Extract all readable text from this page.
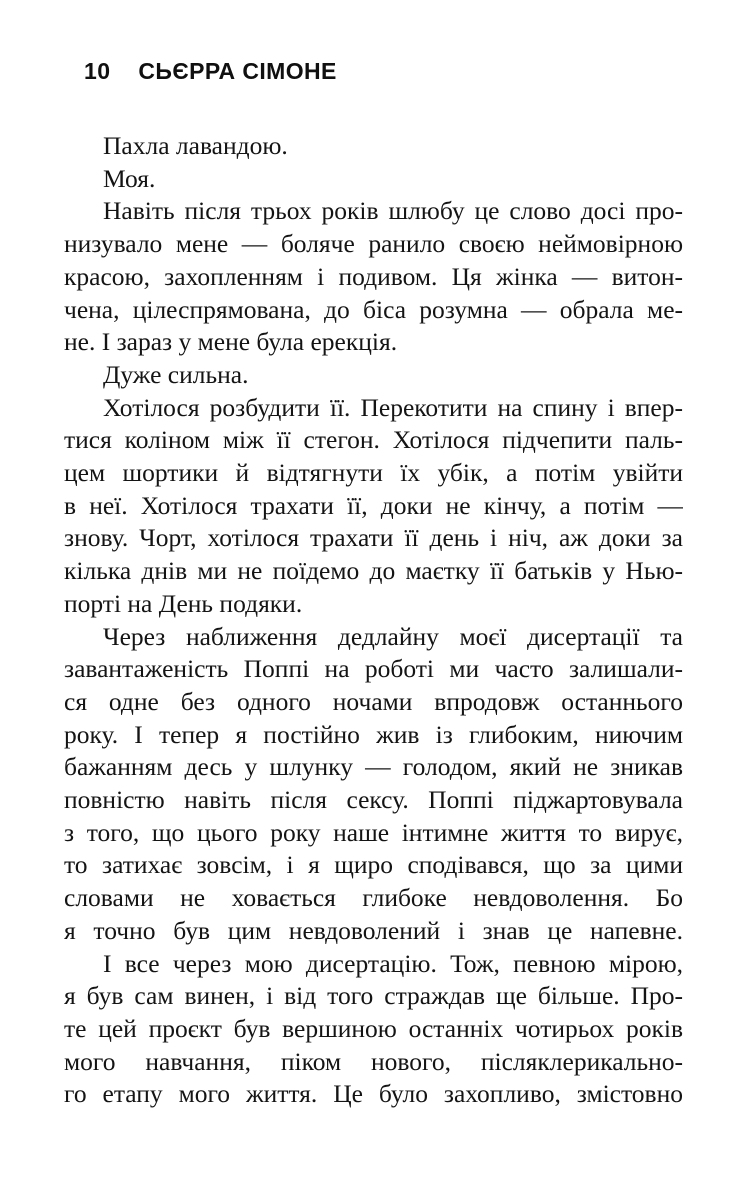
10 СЬЄРРА СІМОНЕ
Пахла лавандою.
Моя.
Навіть після трьох років шлюбу це слово досі про-
низувало мене — боляче ранило своєю неймовірною
красою, захопленням і подивом. Ця жінка — витон-
чена, цілеспрямована, до біса розумна — обрала ме-
не. І зараз у мене була ерекція.
Дуже сильна.
Хотілося розбудити її. Перекотити на спину і впер-
тися коліном між її стегон. Хотілося підчепити паль-
цем шортики й відтягнути їх убік, а потім увійти
в неї. Хотілося трахати її, доки не кінчу, а потім —
знову. Чорт, хотілося трахати її день і ніч, аж доки за
кілька днів ми не поїдемо до маєтку її батьків у Нью-
порті на День подяки.
Через наближення дедлайну моєї дисертації та
завантаженість Поппі на роботі ми часто залишали-
ся одне без одного ночами впродовж останнього
року. І тепер я постійно жив із глибоким, ниючим
бажанням десь у шлунку — голодом, який не зникав
повністю навіть після сексу. Поппі піджартовувала
з того, що цього року наше інтимне життя то вирує,
то затихає зовсім, і я щиро сподівався, що за цими
словами не ховається глибоке невдоволення. Бо
я точно був цим невдоволений і знав це напевне.
І все через мою дисертацію. Тож, певною мірою,
я був сам винен, і від того страждав ще більше. Про-
те цей проєкт був вершиною останніх чотирьох років
мого навчання, піком нового, післяклерикально-
го етапу мого життя. Це було захопливо, змістовно
